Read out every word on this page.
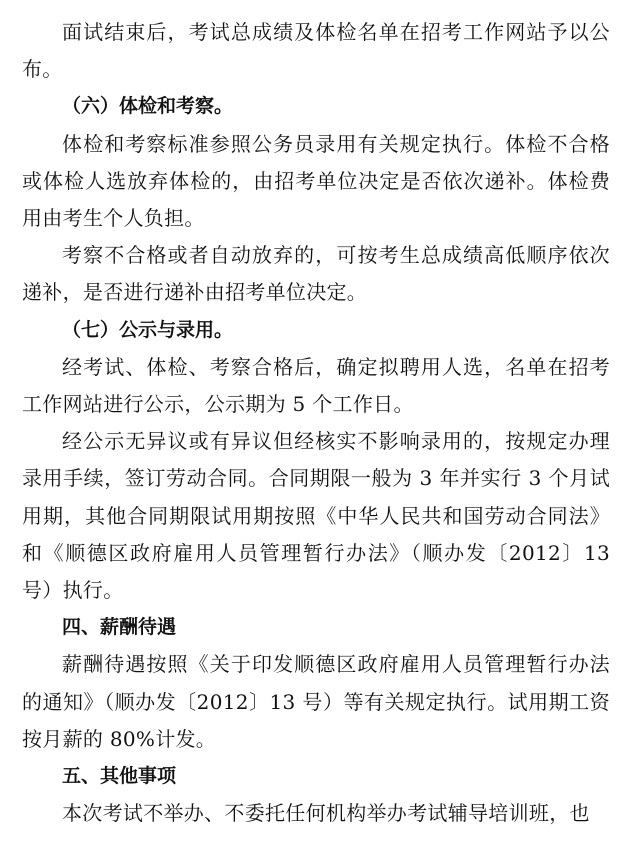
面试结束后，考试总成绩及体检名单在招考工作网站予以公布。

（六）体检和考察。

体检和考察标准参照公务员录用有关规定执行。体检不合格或体检人选放弃体检的，由招考单位决定是否依次递补。体检费用由考生个人负担。

考察不合格或者自动放弃的，可按考生总成绩高低顺序依次递补，是否进行递补由招考单位决定。

（七）公示与录用。

经考试、体检、考察合格后，确定拟聘用人选，名单在招考工作网站进行公示，公示期为 5 个工作日。

经公示无异议或有异议但经核实不影响录用的，按规定办理录用手续，签订劳动合同。合同期限一般为 3 年并实行 3 个月试用期，其他合同期限试用期按照《中华人民共和国劳动合同法》和《顺德区政府雇用人员管理暂行办法》（顺办发〔2012〕13 号）执行。

四、薪酬待遇

薪酬待遇按照《关于印发顺德区政府雇用人员管理暂行办法的通知》（顺办发〔2012〕13 号）等有关规定执行。试用期工资按月薪的 80%计发。

五、其他事项

本次考试不举办、不委托任何机构举办考试辅导培训班，也
